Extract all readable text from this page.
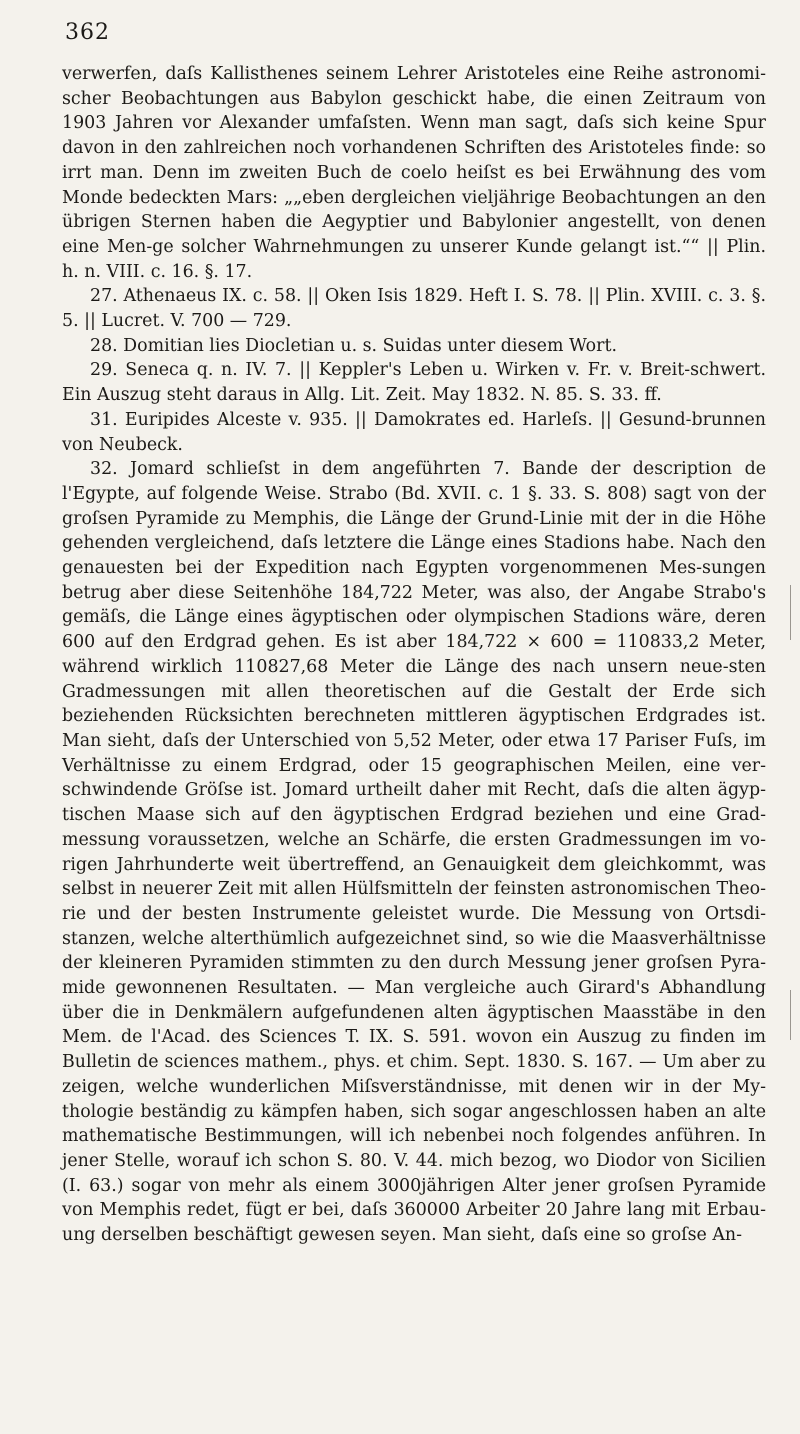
362

verwerfen, daſs Kallisthenes seinem Lehrer Aristoteles eine Reihe astronomi-scher Beobachtungen aus Babylon geschickt habe, die einen Zeitraum von 1903 Jahren vor Alexander umfaſsten. Wenn man sagt, daſs sich keine Spur davon in den zahlreichen noch vorhandenen Schriften des Aristoteles finde: so irrt man. Denn im zweiten Buch de coelo heiſst es bei Erwähnung des vom Monde bedeckten Mars: „„eben dergleichen vieljährige Beobachtungen an den übrigen Sternen haben die Aegyptier und Babylonier angestellt, von denen eine Men-ge solcher Wahrnehmungen zu unserer Kunde gelangt ist.““ || Plin. h. n. VIII. c. 16. §. 17.

27. Athenaeus IX. c. 58. || Oken Isis 1829. Heft I. S. 78. || Plin. XVIII. c. 3. §. 5. || Lucret. V. 700 — 729.

28. Domitian lies Diocletian u. s. Suidas unter diesem Wort.

29. Seneca q. n. IV. 7. || Keppler's Leben u. Wirken v. Fr. v. Breit-schwert. Ein Auszug steht daraus in Allg. Lit. Zeit. May 1832. N. 85. S. 33. ff.

31. Euripides Alceste v. 935. || Damokrates ed. Harleſs. || Gesund-brunnen von Neubeck.

32. Jomard schlieſst in dem angeführten 7. Bande der description de l'Egypte, auf folgende Weise. Strabo (Bd. XVII. c. 1 §. 33. S. 808) sagt von der groſsen Pyramide zu Memphis, die Länge der Grund-Linie mit der in die Höhe gehenden vergleichend, daſs letztere die Länge eines Stadions habe. Nach den genauesten bei der Expedition nach Egypten vorgenommenen Mes-sungen betrug aber diese Seitenhöhe 184,722 Meter, was also, der Angabe Strabo's gemäſs, die Länge eines ägyptischen oder olympischen Stadions wäre, deren 600 auf den Erdgrad gehen. Es ist aber 184,722 × 600 = 110833,2 Meter, während wirklich 110827,68 Meter die Länge des nach unsern neue-sten Gradmessungen mit allen theoretischen auf die Gestalt der Erde sich beziehenden Rücksichten berechneten mittleren ägyptischen Erdgrades ist. Man sieht, daſs der Unterschied von 5,52 Meter, oder etwa 17 Pariser Fuſs, im Verhältnisse zu einem Erdgrad, oder 15 geographischen Meilen, eine ver-schwindende Gröſse ist. Jomard urtheilt daher mit Recht, daſs die alten ägyp-tischen Maase sich auf den ägyptischen Erdgrad beziehen und eine Grad-messung voraussetzen, welche an Schärfe, die ersten Gradmessungen im vo-rigen Jahrhunderte weit übertreffend, an Genauigkeit dem gleichkommt, was selbst in neuerer Zeit mit allen Hülfsmitteln der feinsten astronomischen Theo-rie und der besten Instrumente geleistet wurde. Die Messung von Ortsdi-stanzen, welche alterthümlich aufgezeichnet sind, so wie die Maasverhältnisse der kleineren Pyramiden stimmten zu den durch Messung jener groſsen Pyra-mide gewonnenen Resultaten. — Man vergleiche auch Girard's Abhandlung über die in Denkmälern aufgefundenen alten ägyptischen Maasstäbe in den Mem. de l'Acad. des Sciences T. IX. S. 591. wovon ein Auszug zu finden im Bulletin de sciences mathem., phys. et chim. Sept. 1830. S. 167. — Um aber zu zeigen, welche wunderlichen Miſsverständnisse, mit denen wir in der My-thologie beständig zu kämpfen haben, sich sogar angeschlossen haben an alte mathematische Bestimmungen, will ich nebenbei noch folgendes anführen. In jener Stelle, worauf ich schon S. 80. V. 44. mich bezog, wo Diodor von Sicilien (I. 63.) sogar von mehr als einem 3000jährigen Alter jener groſsen Pyramide von Memphis redet, fügt er bei, daſs 360000 Arbeiter 20 Jahre lang mit Erbau-ung derselben beschäftigt gewesen seyen. Man sieht, daſs eine so groſse An-
